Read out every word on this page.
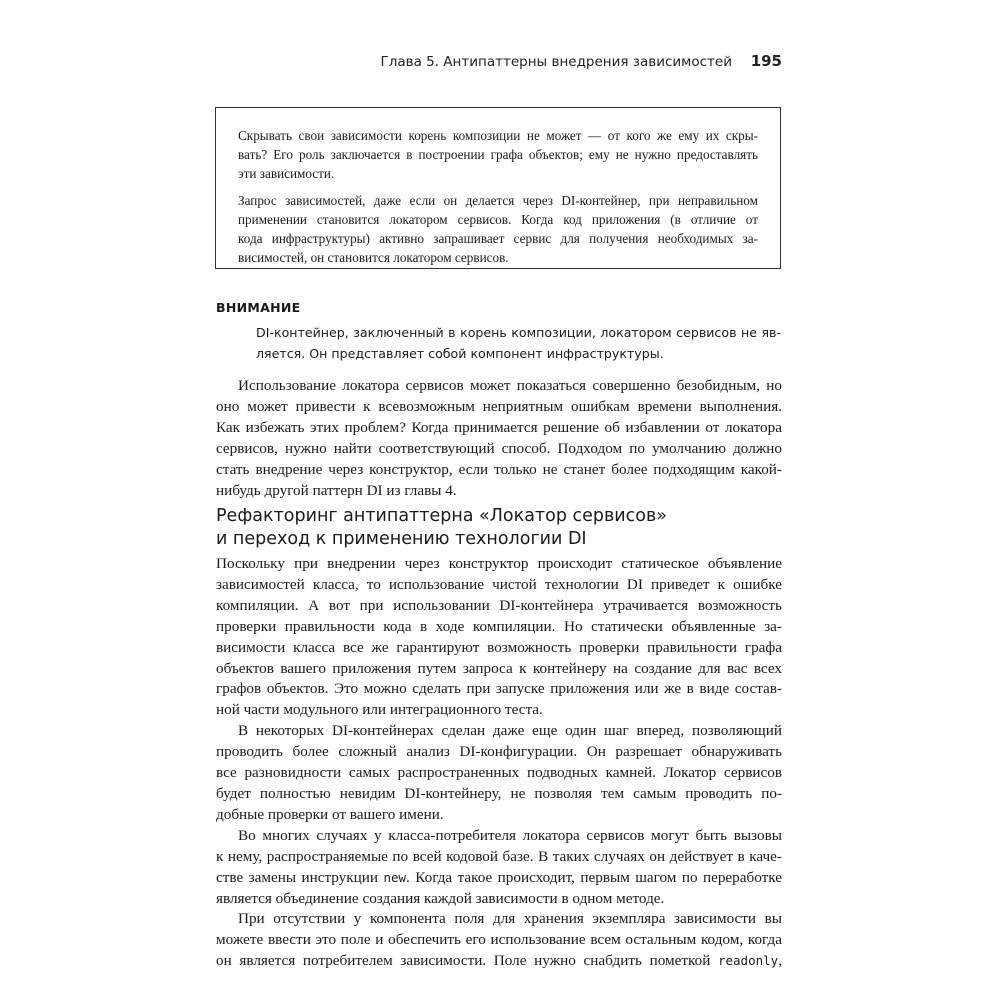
Глава 5. Антипаттерны внедрения зависимостей 195

Скрывать свои зависимости корень композиции не может — от кого же ему их скры-
вать? Его роль заключается в построении графа объектов; ему не нужно предоставлять
эти зависимости.

Запрос зависимостей, даже если он делается через DI-контейнер, при неправильном
применении становится локатором сервисов. Когда код приложения (в отличие от
кода инфраструктуры) активно запрашивает сервис для получения необходимых за-
висимостей, он становится локатором сервисов.

ВНИМАНИЕ
DI-контейнер, заключенный в корень композиции, локатором сервисов не яв-
ляется. Он представляет собой компонент инфраструктуры.
Использование локатора сервисов может показаться совершенно безобидным, но
оно может привести к всевозможным неприятным ошибкам времени выполнения.
Как избежать этих проблем? Когда принимается решение об избавлении от локатора
сервисов, нужно найти соответствующий способ. Подходом по умолчанию должно
стать внедрение через конструктор, если только не станет более подходящим какой-
нибудь другой паттерн DI из главы 4.
Рефакторинг антипаттерна «Локатор сервисов»
и переход к применению технологии DI
Поскольку при внедрении через конструктор происходит статическое объявление
зависимостей класса, то использование чистой технологии DI приведет к ошибке
компиляции. А вот при использовании DI-контейнера утрачивается возможность
проверки правильности кода в ходе компиляции. Но статически объявленные за-
висимости класса все же гарантируют возможность проверки правильности графа
объектов вашего приложения путем запроса к контейнеру на создание для вас всех
графов объектов. Это можно сделать при запуске приложения или же в виде состав-
ной части модульного или интеграционного теста.
В некоторых DI-контейнерах сделан даже еще один шаг вперед, позволяющий
проводить более сложный анализ DI-конфигурации. Он разрешает обнаруживать
все разновидности самых распространенных подводных камней. Локатор сервисов
будет полностью невидим DI-контейнеру, не позволяя тем самым проводить по-
добные проверки от вашего имени.
Во многих случаях у класса-потребителя локатора сервисов могут быть вызовы
к нему, распространяемые по всей кодовой базе. В таких случаях он действует в каче-
стве замены инструкции new. Когда такое происходит, первым шагом по переработке
является объединение создания каждой зависимости в одном методе.
При отсутствии у компонента поля для хранения экземпляра зависимости вы
можете ввести это поле и обеспечить его использование всем остальным кодом, когда
он является потребителем зависимости. Поле нужно снабдить пометкой readonly,
